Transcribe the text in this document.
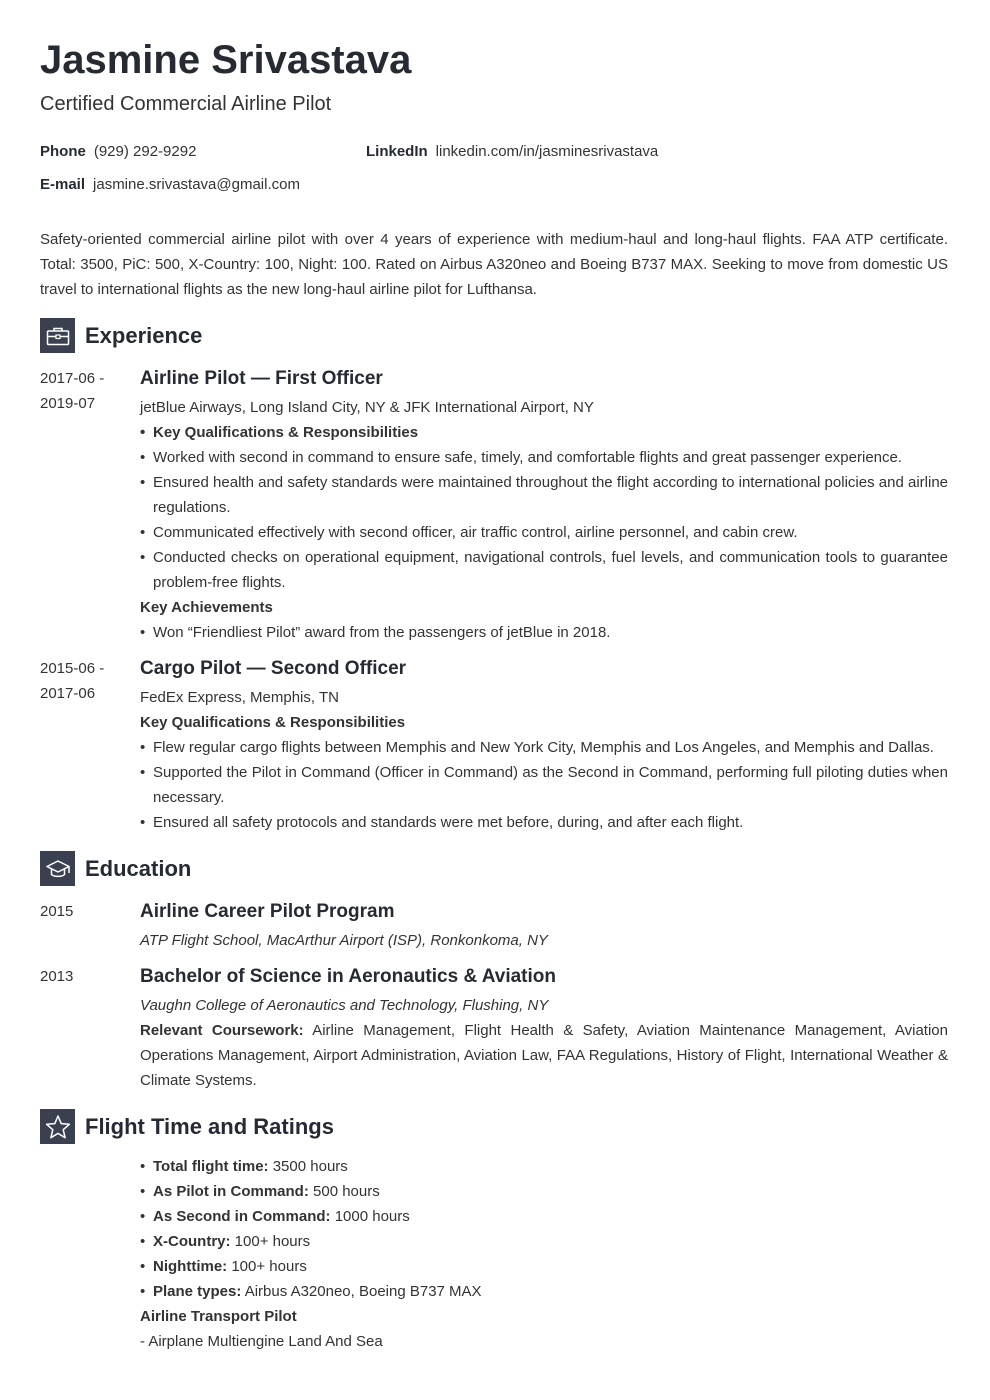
Jasmine Srivastava
Certified Commercial Airline Pilot
Phone (929) 292-9292	LinkedIn linkedin.com/in/jasminesrivastava
E-mail jasmine.srivastava@gmail.com

Safety-oriented commercial airline pilot with over 4 years of experience with medium-haul and long-haul flights. FAA ATP certificate. Total: 3500, PiC: 500, X-Country: 100, Night: 100. Rated on Airbus A320neo and Boeing B737 MAX. Seeking to move from domestic US travel to international flights as the new long-haul airline pilot for Lufthansa.

Experience
2017-06 -
2019-07
Airline Pilot — First Officer
jetBlue Airways, Long Island City, NY & JFK International Airport, NY
• Key Qualifications & Responsibilities
• Worked with second in command to ensure safe, timely, and comfortable flights and great passenger experience.
• Ensured health and safety standards were maintained throughout the flight according to international policies and airline regulations.
• Communicated effectively with second officer, air traffic control, airline personnel, and cabin crew.
• Conducted checks on operational equipment, navigational controls, fuel levels, and communication tools to guarantee problem-free flights.
Key Achievements
• Won “Friendliest Pilot” award from the passengers of jetBlue in 2018.
2015-06 -
2017-06
Cargo Pilot — Second Officer
FedEx Express, Memphis, TN
Key Qualifications & Responsibilities
• Flew regular cargo flights between Memphis and New York City, Memphis and Los Angeles, and Memphis and Dallas.
• Supported the Pilot in Command (Officer in Command) as the Second in Command, performing full piloting duties when necessary.
• Ensured all safety protocols and standards were met before, during, and after each flight.
Education
2015	Airline Career Pilot Program
ATP Flight School, MacArthur Airport (ISP), Ronkonkoma, NY
2013	Bachelor of Science in Aeronautics & Aviation
Vaughn College of Aeronautics and Technology, Flushing, NY
Relevant Coursework: Airline Management, Flight Health & Safety, Aviation Maintenance Management, Aviation Operations Management, Airport Administration, Aviation Law, FAA Regulations, History of Flight, International Weather & Climate Systems.
Flight Time and Ratings
• Total flight time: 3500 hours
• As Pilot in Command: 500 hours
• As Second in Command: 1000 hours
• X-Country: 100+ hours
• Nighttime: 100+ hours
• Plane types: Airbus A320neo, Boeing B737 MAX
Airline Transport Pilot
- Airplane Multiengine Land And Sea
